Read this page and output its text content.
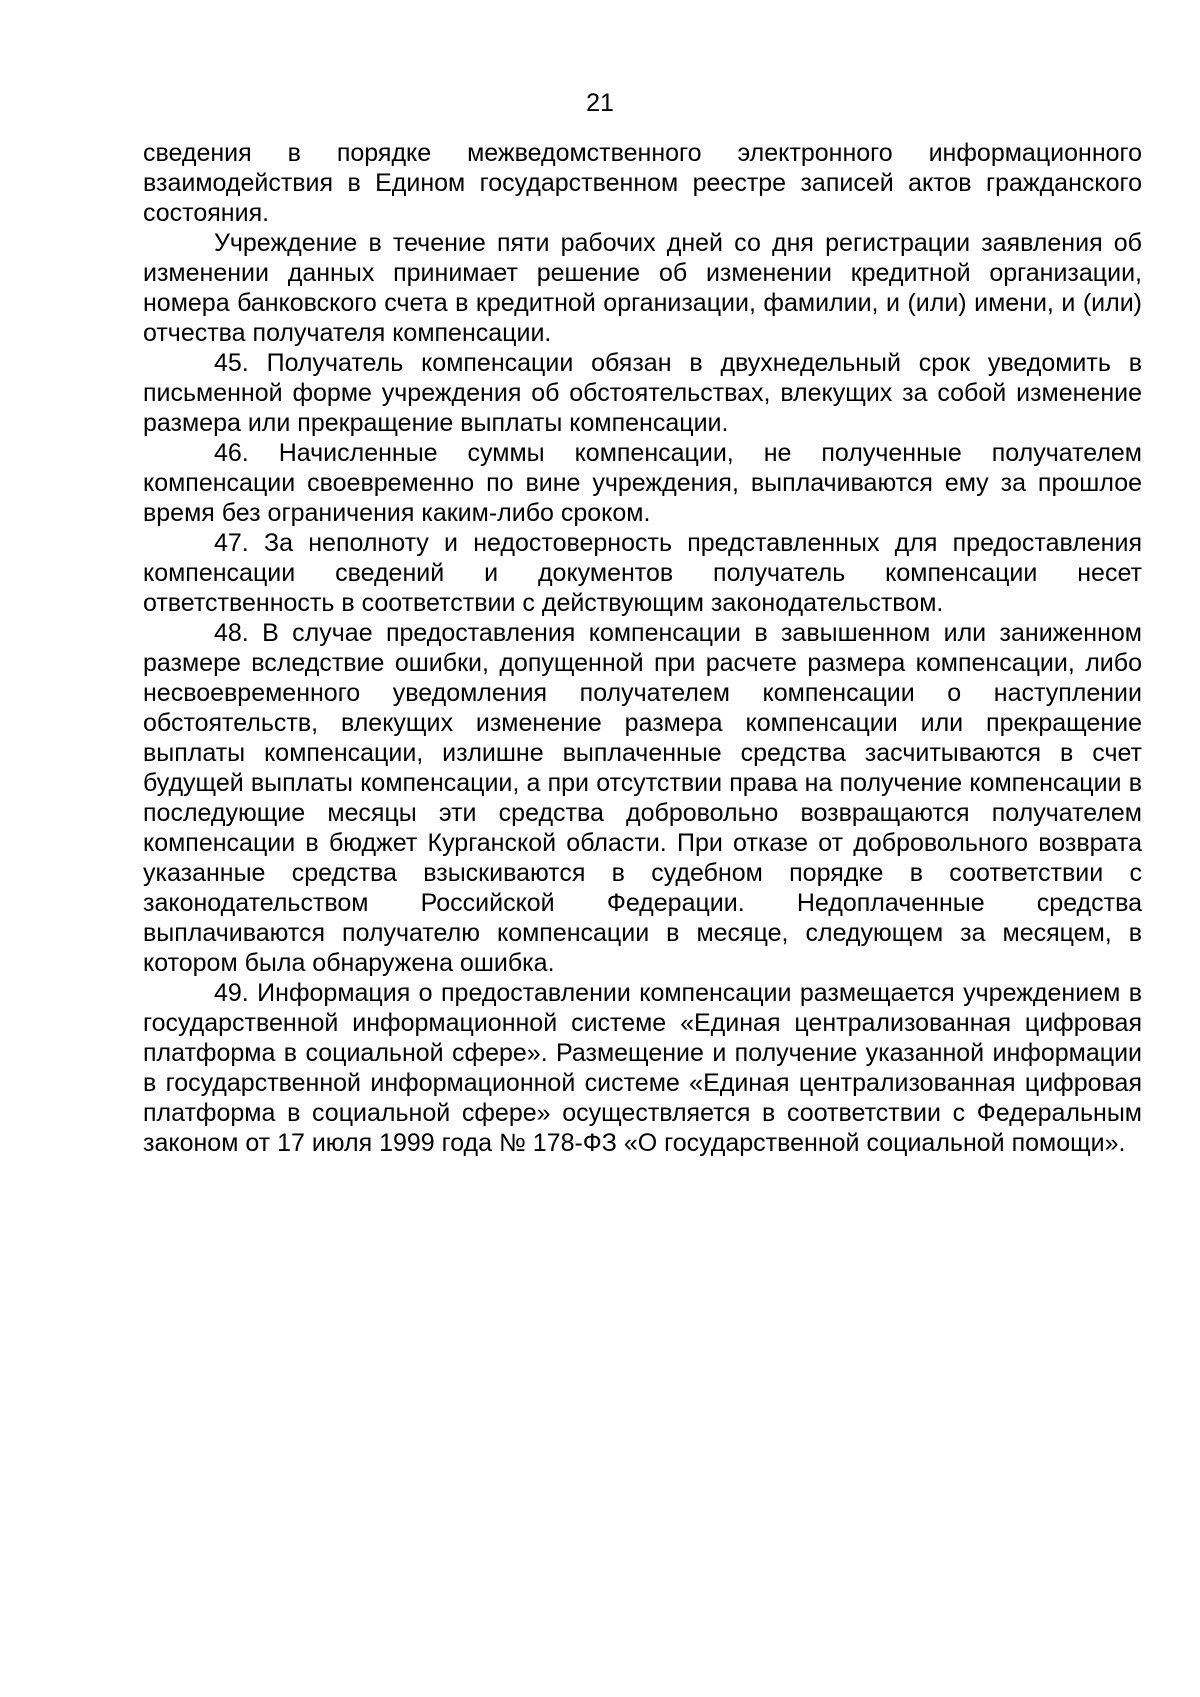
21

сведения в порядке межведомственного электронного информационного взаимодействия в Едином государственном реестре записей актов гражданского состояния.

Учреждение в течение пяти рабочих дней со дня регистрации заявления об изменении данных принимает решение об изменении кредитной организации, номера банковского счета в кредитной организации, фамилии, и (или) имени, и (или) отчества получателя компенсации.

45. Получатель компенсации обязан в двухнедельный срок уведомить в письменной форме учреждения об обстоятельствах, влекущих за собой изменение размера или прекращение выплаты компенсации.

46. Начисленные суммы компенсации, не полученные получателем компенсации своевременно по вине учреждения, выплачиваются ему за прошлое время без ограничения каким-либо сроком.

47. За неполноту и недостоверность представленных для предоставления компенсации сведений и документов получатель компенсации несет ответственность в соответствии с действующим законодательством.

48. В случае предоставления компенсации в завышенном или заниженном размере вследствие ошибки, допущенной при расчете размера компенсации, либо несвоевременного уведомления получателем компенсации о наступлении обстоятельств, влекущих изменение размера компенсации или прекращение выплаты компенсации, излишне выплаченные средства засчитываются в счет будущей выплаты компенсации, а при отсутствии права на получение компенсации в последующие месяцы эти средства добровольно возвращаются получателем компенсации в бюджет Курганской области. При отказе от добровольного возврата указанные средства взыскиваются в судебном порядке в соответствии с законодательством Российской Федерации. Недоплаченные средства выплачиваются получателю компенсации в месяце, следующем за месяцем, в котором была обнаружена ошибка.

49. Информация о предоставлении компенсации размещается учреждением в государственной информационной системе «Единая централизованная цифровая платформа в социальной сфере». Размещение и получение указанной информации в государственной информационной системе «Единая централизованная цифровая платформа в социальной сфере» осуществляется в соответствии с Федеральным законом от 17 июля 1999 года № 178-ФЗ «О государственной социальной помощи».
